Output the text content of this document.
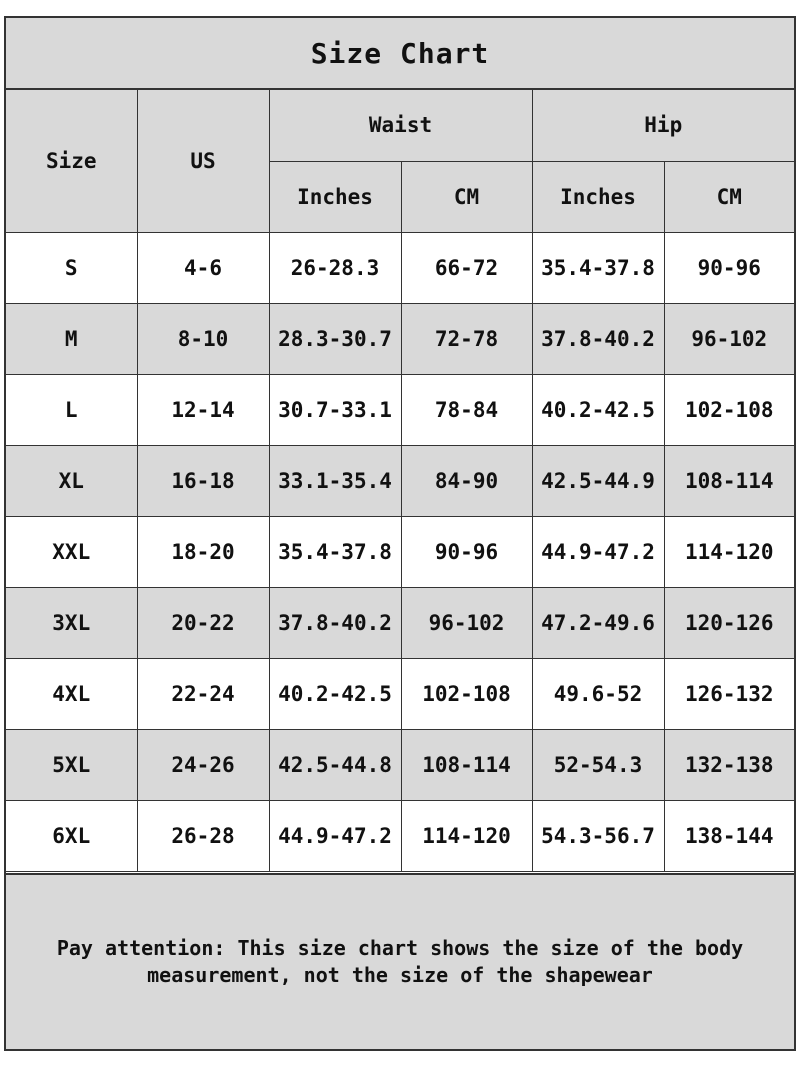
Size Chart
Size	US	Waist		Hip	
		Inches	CM	Inches	CM
S	4-6	26-28.3	66-72	35.4-37.8	90-96
M	8-10	28.3-30.7	72-78	37.8-40.2	96-102
L	12-14	30.7-33.1	78-84	40.2-42.5	102-108
XL	16-18	33.1-35.4	84-90	42.5-44.9	108-114
XXL	18-20	35.4-37.8	90-96	44.9-47.2	114-120
3XL	20-22	37.8-40.2	96-102	47.2-49.6	120-126
4XL	22-24	40.2-42.5	102-108	49.6-52	126-132
5XL	24-26	42.5-44.8	108-114	52-54.3	132-138
6XL	26-28	44.9-47.2	114-120	54.3-56.7	138-144
Pay attention: This size chart shows the size of the body
measurement, not the size of the shapewear
